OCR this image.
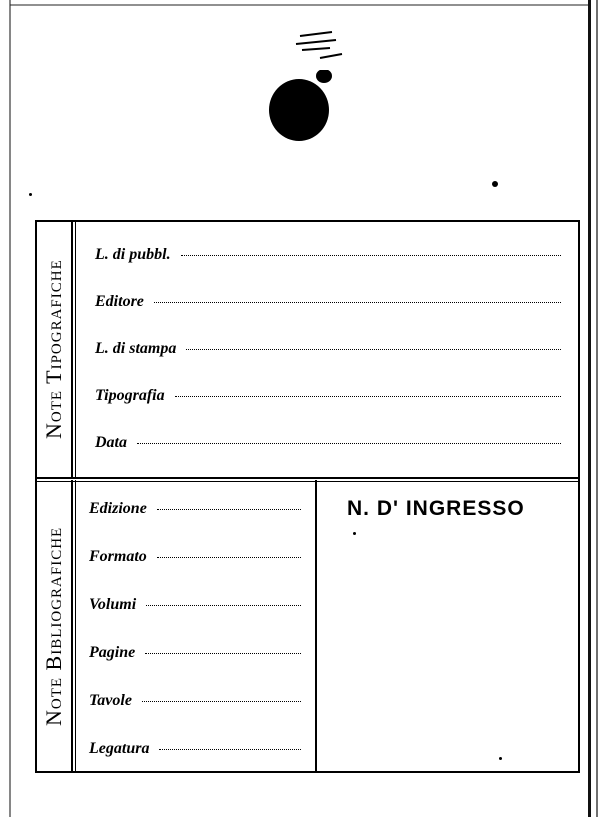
Note Tipografiche
L. di pubbl.
Editore
L. di stampa
Tipografia
Data
Note Bibliografiche
Edizione
Formato
Volumi
Pagine
Tavole
Legatura
N. D' INGRESSO
